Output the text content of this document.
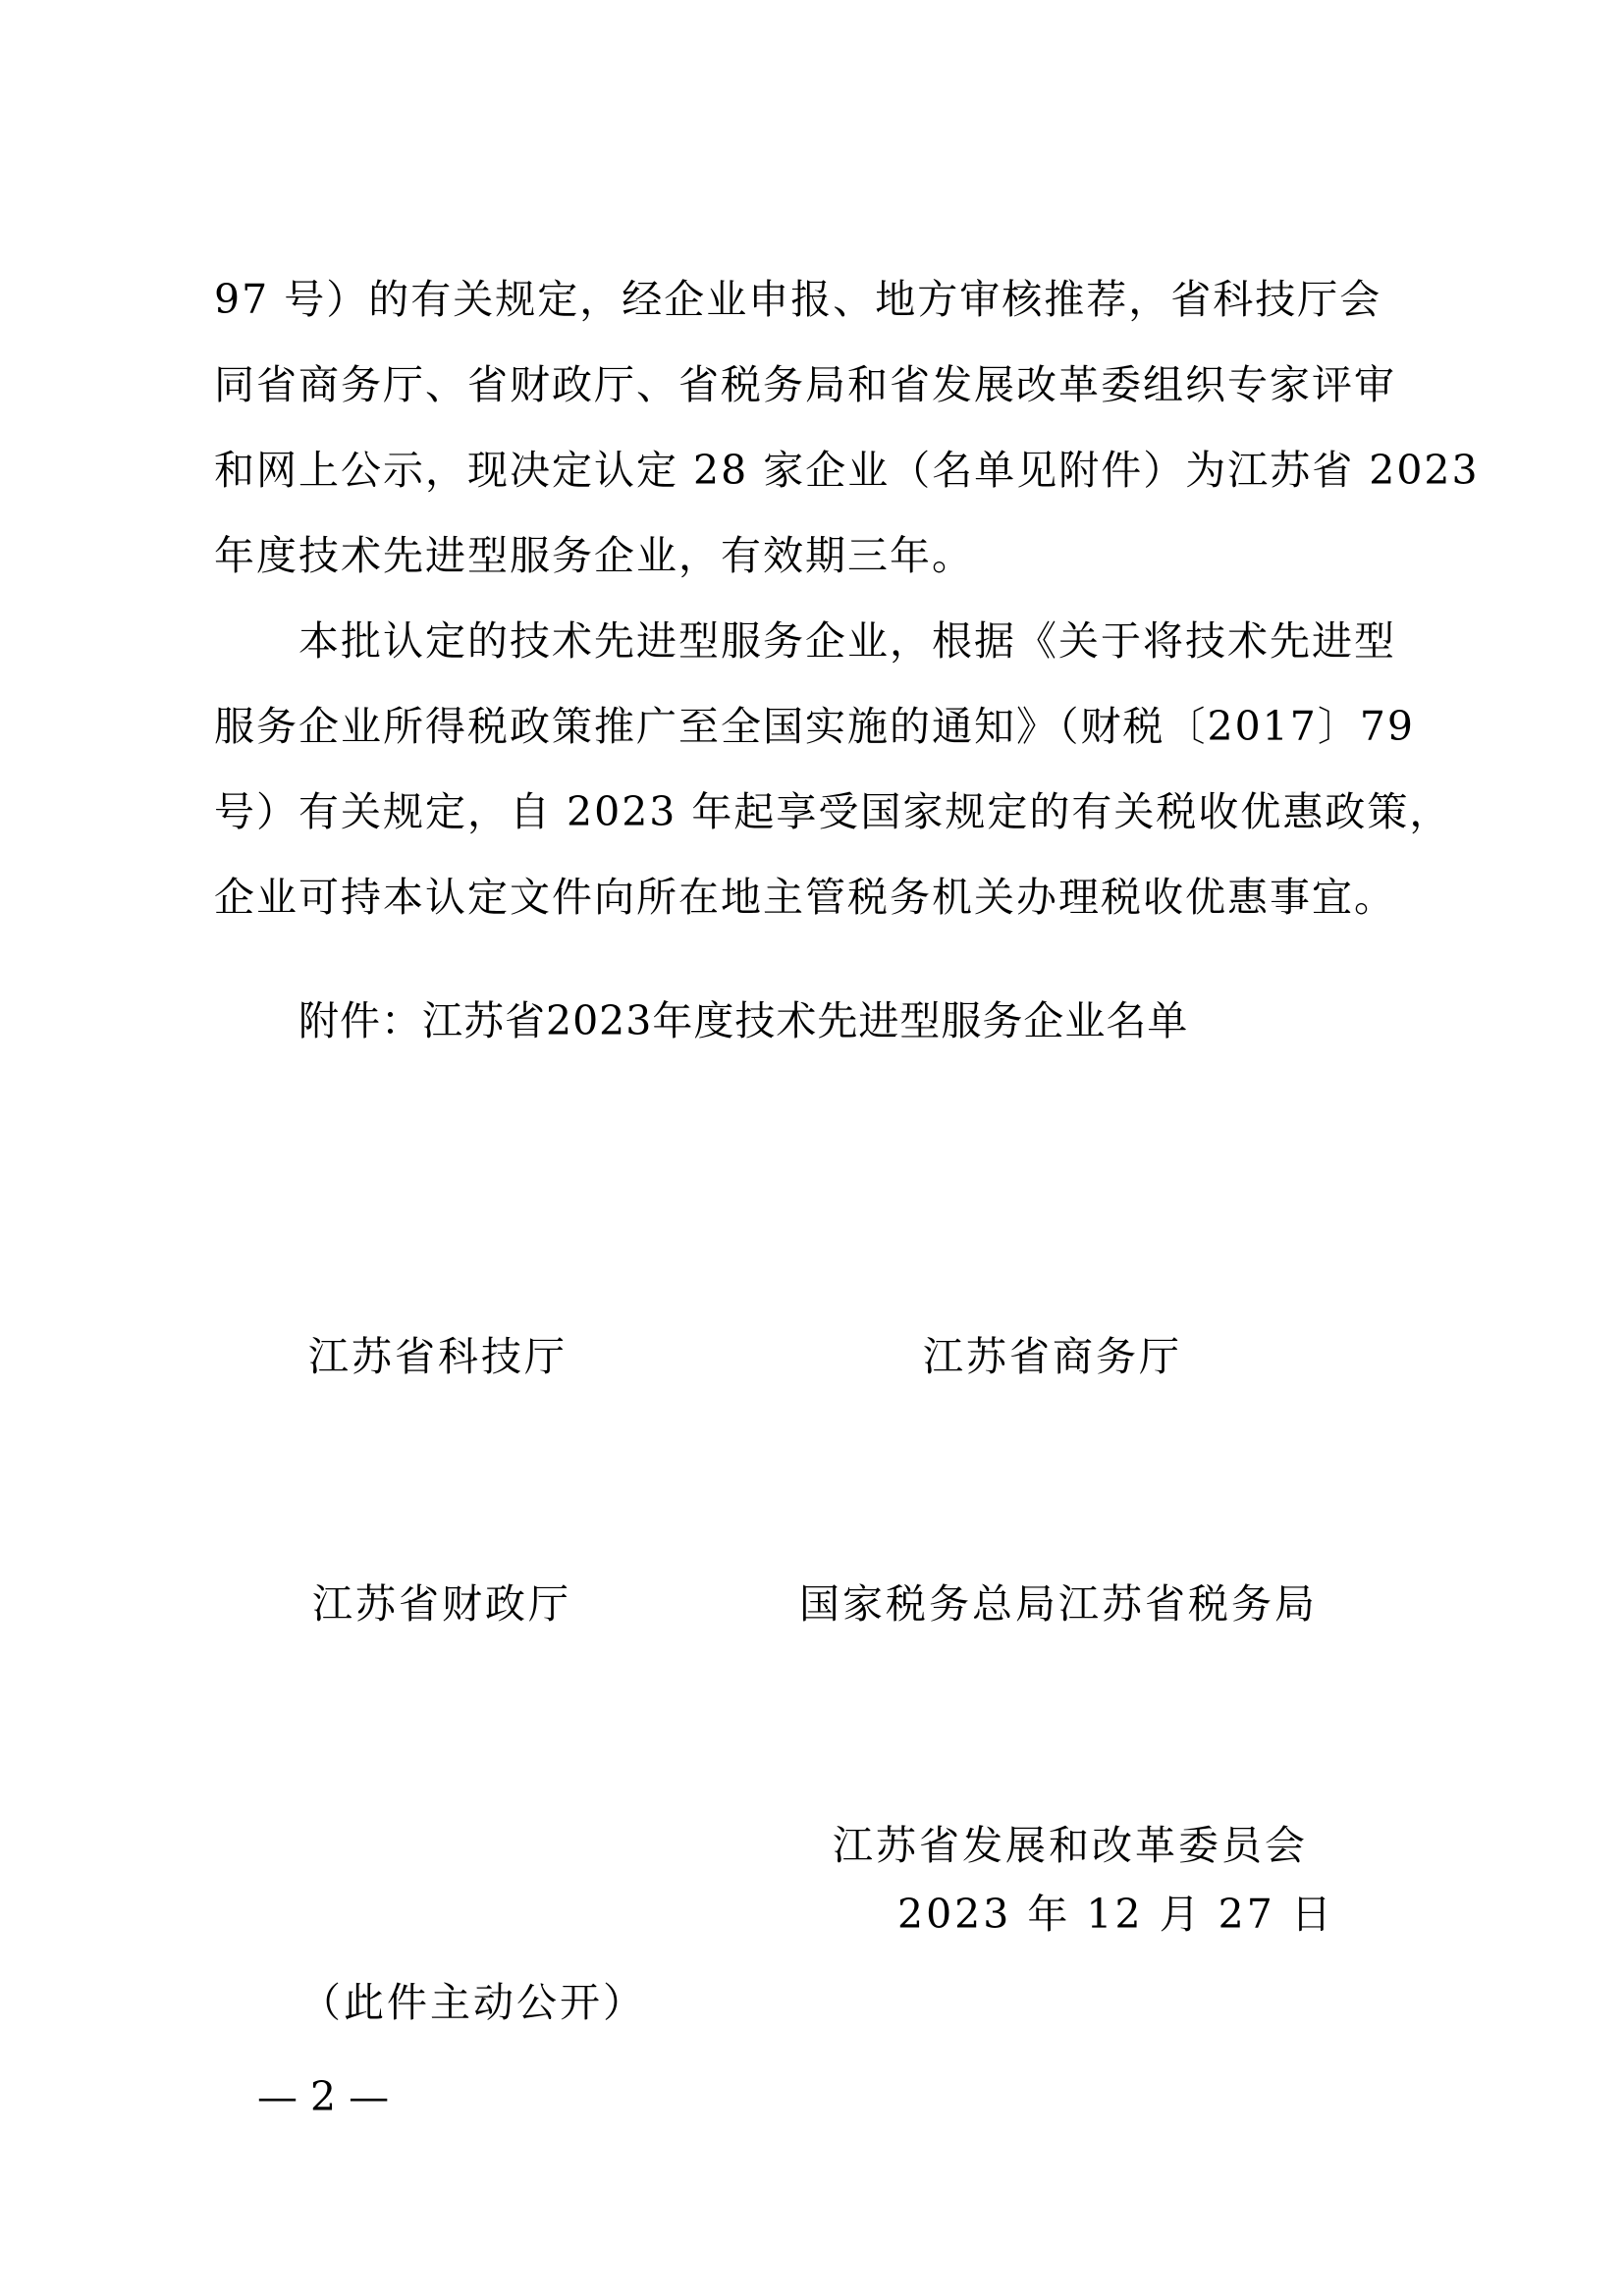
97 号）的有关规定，经企业申报、地方审核推荐，省科技厅会
同省商务厅、省财政厅、省税务局和省发展改革委组织专家评审
和网上公示，现决定认定 28 家企业（名单见附件）为江苏省 2023
年度技术先进型服务企业，有效期三年。
本批认定的技术先进型服务企业，根据《关于将技术先进型
服务企业所得税政策推广至全国实施的通知》（财税〔2017〕79
号）有关规定，自 2023 年起享受国家规定的有关税收优惠政策，
企业可持本认定文件向所在地主管税务机关办理税收优惠事宜。
附件：江苏省2023年度技术先进型服务企业名单
江苏省科技厅	江苏省商务厅
江苏省财政厅	国家税务总局江苏省税务局
江苏省发展和改革委员会
2023 年 12 月 27 日
（此件主动公开）
— 2 —
